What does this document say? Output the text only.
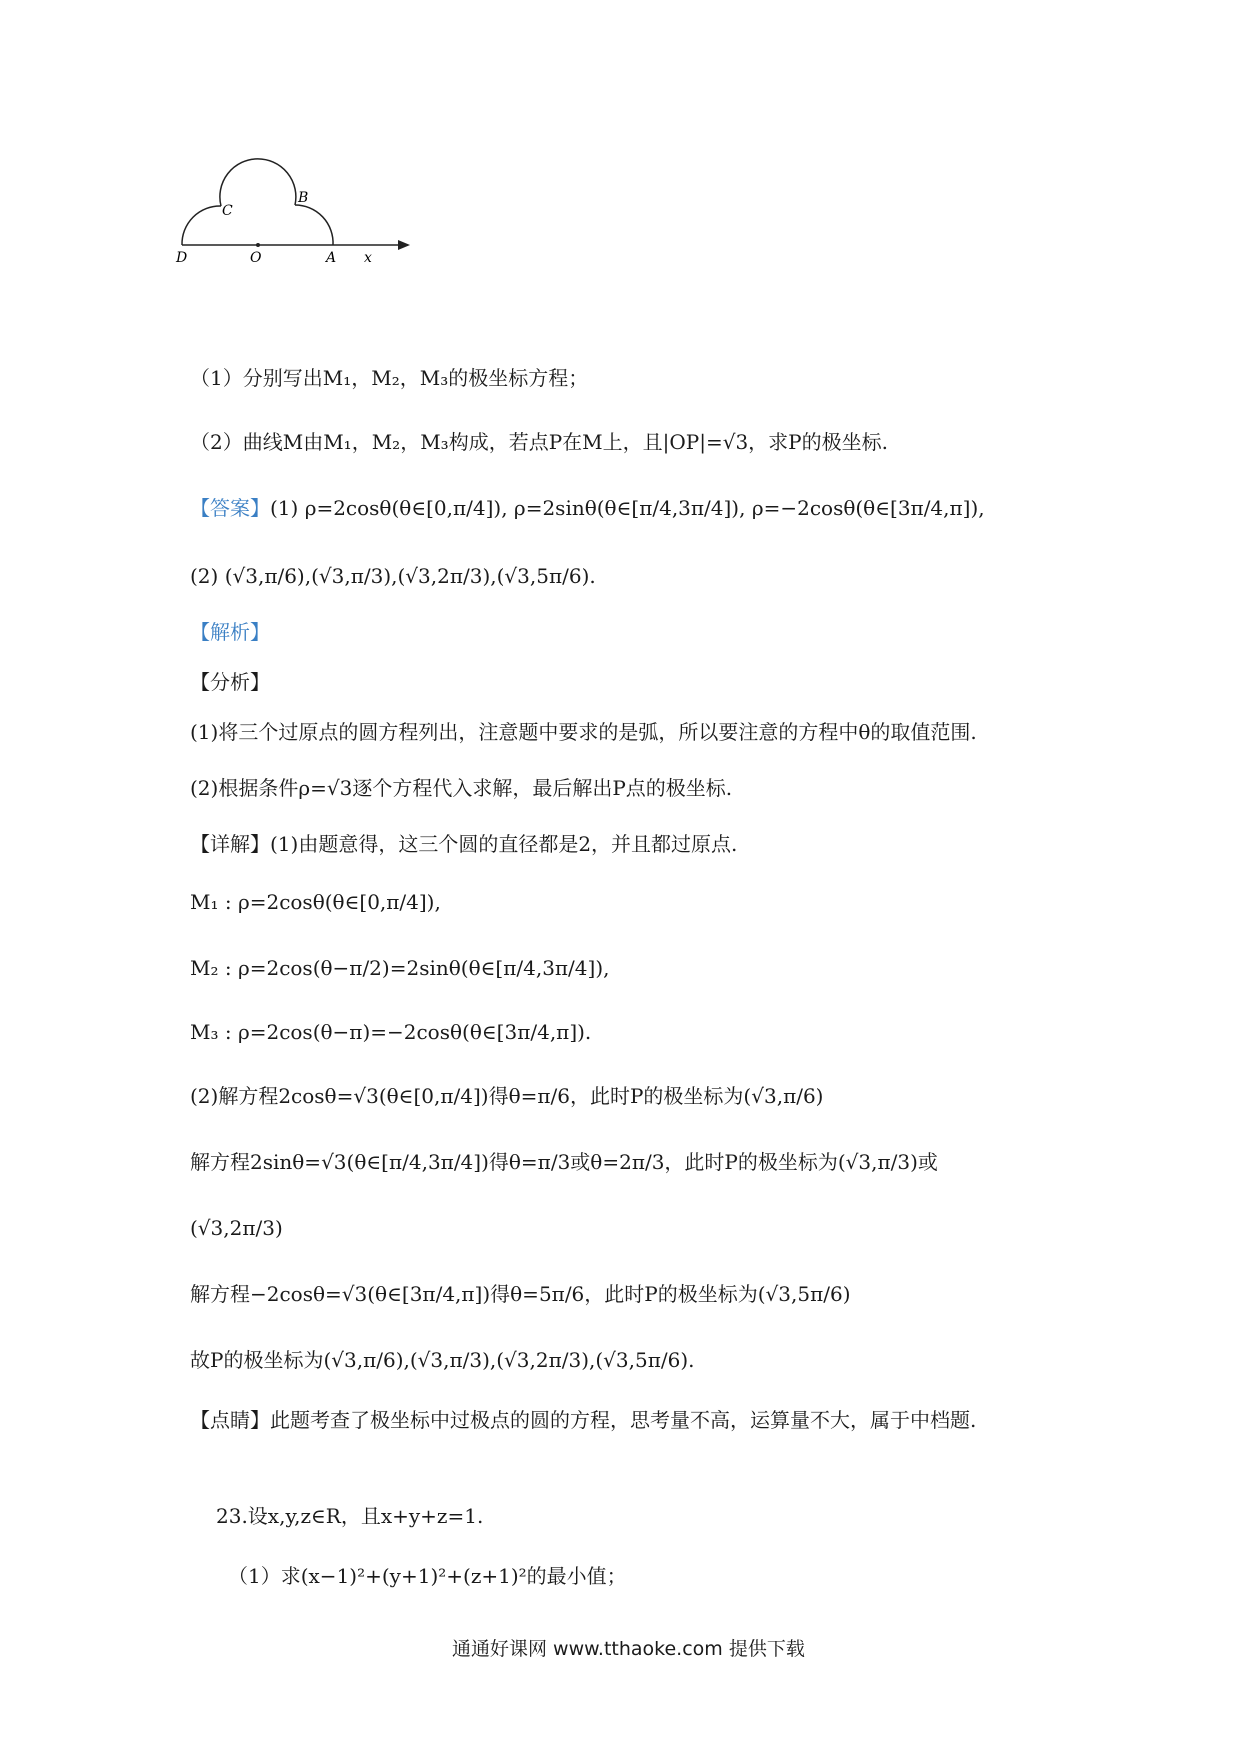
C
B
D	O	A x
（1）分别写出M₁，M₂，M₃的极坐标方程；
（2）曲线M由M₁，M₂，M₃构成，若点P在M上，且|OP|=√3，求P的极坐标.
【答案】(1) ρ=2cosθ(θ∈[0,π/4]), ρ=2sinθ(θ∈[π/4,3π/4]), ρ=−2cosθ(θ∈[3π/4,π]),
(2) (√3,π/6),(√3,π/3),(√3,2π/3),(√3,5π/6).
【解析】
【分析】
(1)将三个过原点的圆方程列出，注意题中要求的是弧，所以要注意的方程中θ的取值范围.
(2)根据条件ρ=√3逐个方程代入求解，最后解出P点的极坐标.
【详解】(1)由题意得，这三个圆的直径都是2，并且都过原点.
M₁ : ρ=2cosθ(θ∈[0,π/4]),
M₂ : ρ=2cos(θ−π/2)=2sinθ(θ∈[π/4,3π/4]),
M₃ : ρ=2cos(θ−π)=−2cosθ(θ∈[3π/4,π]).
(2)解方程2cosθ=√3(θ∈[0,π/4])得θ=π/6，此时P的极坐标为(√3,π/6)
解方程2sinθ=√3(θ∈[π/4,3π/4])得θ=π/3或θ=2π/3，此时P的极坐标为(√3,π/3)或
(√3,2π/3)
解方程−2cosθ=√3(θ∈[3π/4,π])得θ=5π/6，此时P的极坐标为(√3,5π/6)
故P的极坐标为(√3,π/6),(√3,π/3),(√3,2π/3),(√3,5π/6).
【点睛】此题考查了极坐标中过极点的圆的方程，思考量不高，运算量不大，属于中档题.
23.设x,y,z∈R，且x+y+z=1.
（1）求(x−1)²+(y+1)²+(z+1)²的最小值；
通通好课网 www.tthaoke.com 提供下载
